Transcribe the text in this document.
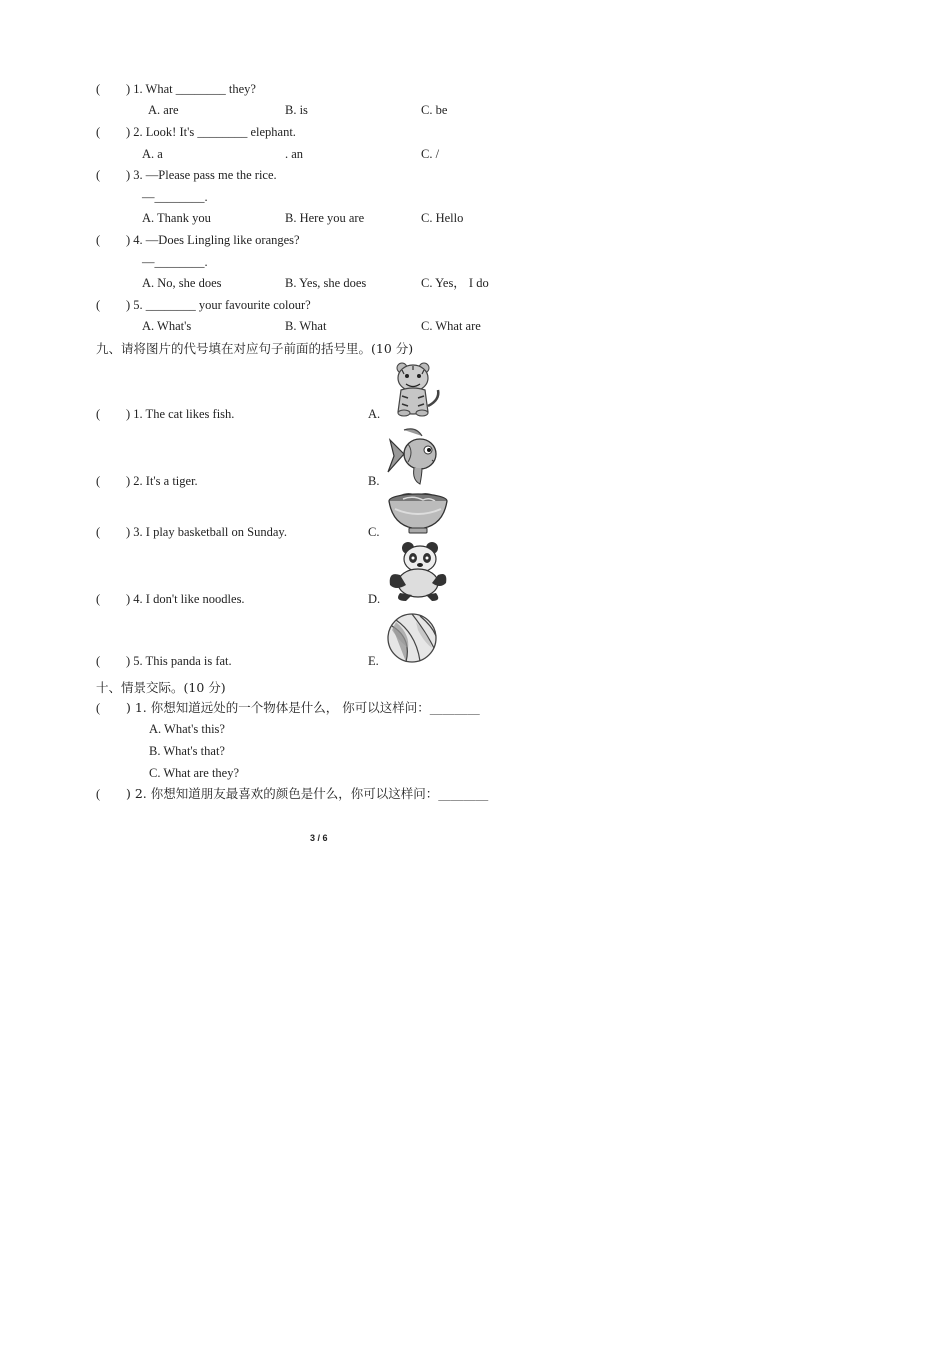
( ) 1. What ________ they?
A. are	B. is	C. be
( ) 2. Look! It's ________ elephant.
A. a	. an	C. /
( ) 3. —Please pass me the rice.
—________.
A. Thank you	B. Here you are	C. Hello
( ) 4. —Does Lingling like oranges?
—________.
A. No, she does	B. Yes, she does	C. Yes， I do
( ) 5. ________ your favourite colour?
A. What's	B. What	C. What are
九、请将图片的代号填在对应句子前面的括号里。(10 分)
( ) 1. The cat likes fish.	A.
( ) 2. It's a tiger.	B.
( ) 3. I play basketball on Sunday.	C.
( ) 4. I don't like noodles.	D.
( ) 5. This panda is fat.	E.
十、情景交际。(10 分)
( ) 1. 你想知道远处的一个物体是什么， 你可以这样问：________
A. What's this?
B. What's that?
C. What are they?
( ) 2. 你想知道朋友最喜欢的颜色是什么，你可以这样问：________
3 / 6
